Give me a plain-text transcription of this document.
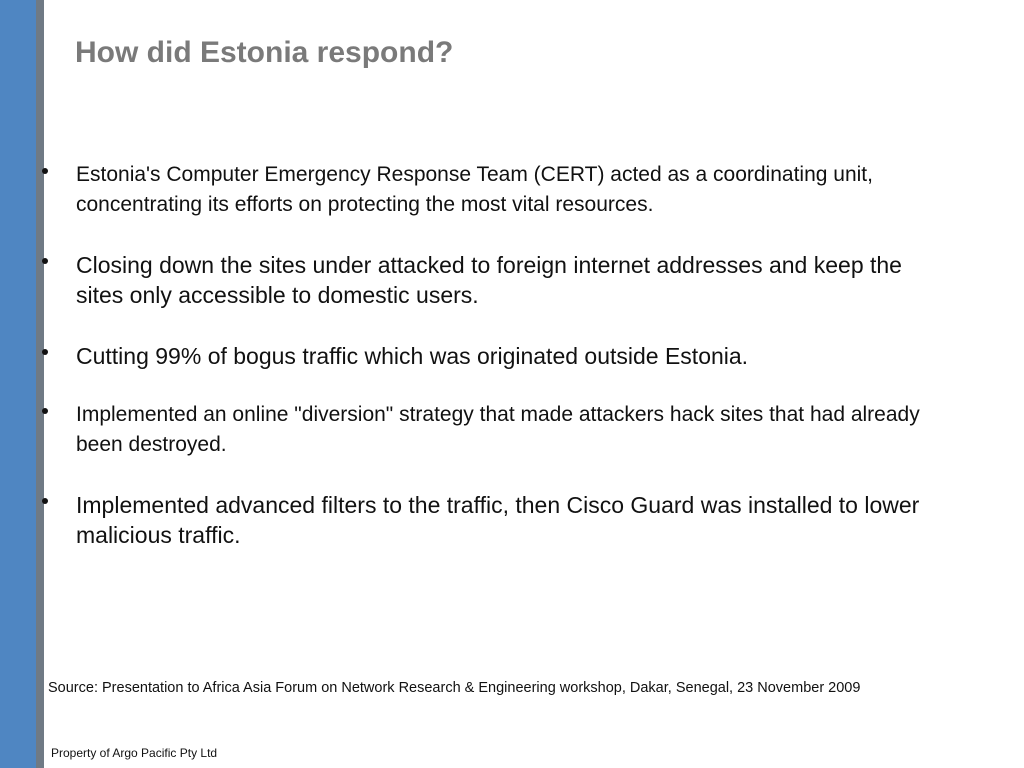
How did Estonia respond?
Estonia's Computer Emergency Response Team (CERT) acted as a coordinating unit, concentrating its efforts on protecting the most vital resources.
Closing down the sites under attacked to foreign internet addresses and keep the sites only accessible to domestic users.
Cutting 99% of bogus traffic which was originated outside Estonia.
Implemented an online "diversion" strategy that made attackers hack sites that had already been destroyed.
Implemented advanced filters to the traffic, then Cisco Guard was installed to lower malicious traffic.
Source: Presentation to Africa Asia Forum on Network Research & Engineering workshop, Dakar, Senegal, 23 November 2009
Property of Argo Pacific Pty Ltd
